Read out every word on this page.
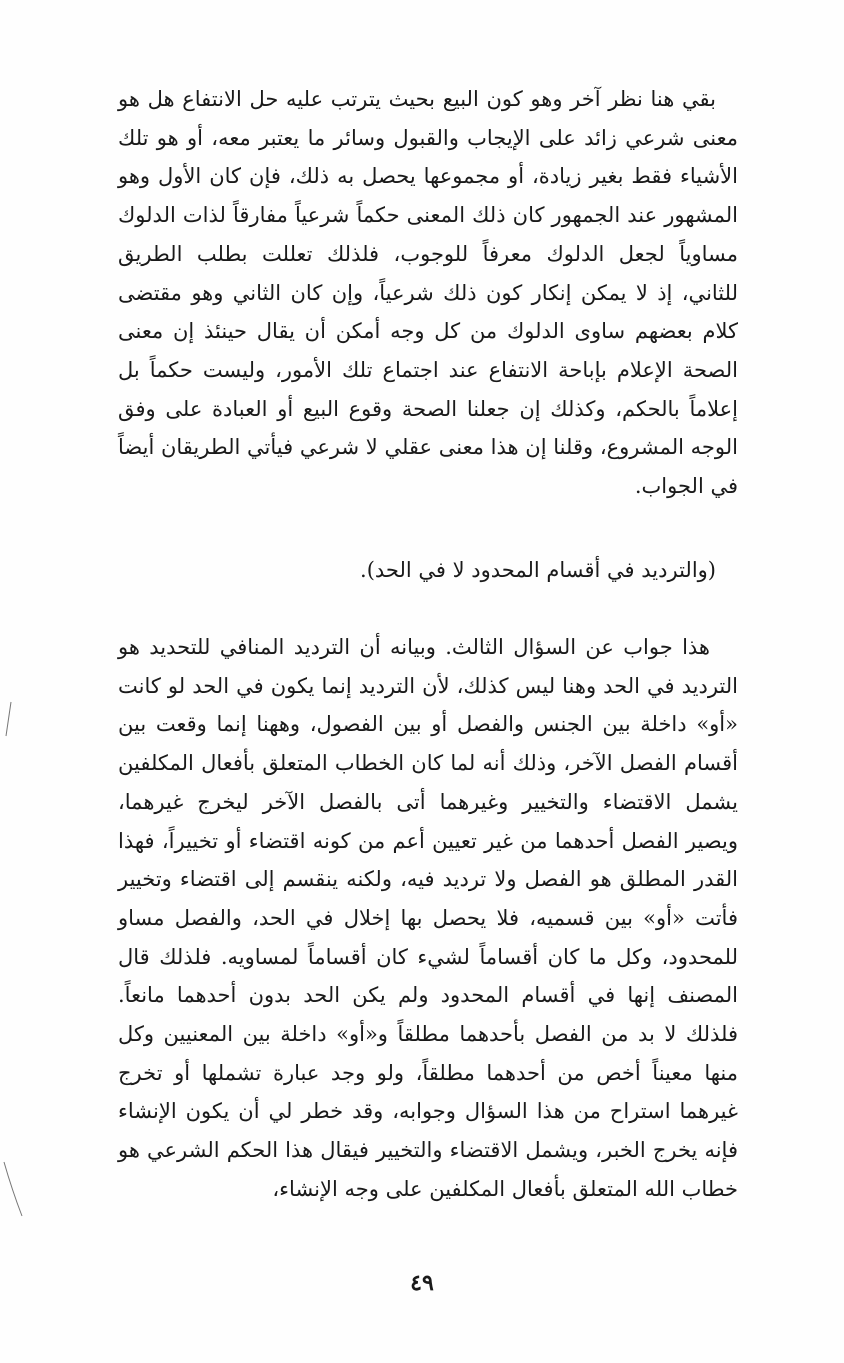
بقي هنا نظر آخر وهو كون البيع بحيث يترتب عليه حل الانتفاع هل هو معنى شرعي زائد على الإيجاب والقبول وسائر ما يعتبر معه، أو هو تلك الأشياء فقط بغير زيادة، أو مجموعها يحصل به ذلك، فإن كان الأول وهو المشهور عند الجمهور كان ذلك المعنى حكماً شرعياً مفارقاً لذات الدلوك مساوياً لجعل الدلوك معرفاً للوجوب، فلذلك تعللت بطلب الطريق للثاني، إذ لا يمكن إنكار كون ذلك شرعياً، وإن كان الثاني وهو مقتضى كلام بعضهم ساوى الدلوك من كل وجه أمكن أن يقال حينئذ إن معنى الصحة الإعلام بإباحة الانتفاع عند اجتماع تلك الأمور، وليست حكماً بل إعلاماً بالحكم، وكذلك إن جعلنا الصحة وقوع البيع أو العبادة على وفق الوجه المشروع، وقلنا إن هذا معنى عقلي لا شرعي فيأتي الطريقان أيضاً في الجواب.

(والترديد في أقسام المحدود لا في الحد).

هذا جواب عن السؤال الثالث. وبيانه أن الترديد المنافي للتحديد هو الترديد في الحد وهنا ليس كذلك، لأن الترديد إنما يكون في الحد لو كانت «أو» داخلة بين الجنس والفصل أو بين الفصول، وههنا إنما وقعت بين أقسام الفصل الآخر، وذلك أنه لما كان الخطاب المتعلق بأفعال المكلفين يشمل الاقتضاء والتخيير وغيرهما أتى بالفصل الآخر ليخرج غيرهما، ويصير الفصل أحدهما من غير تعيين أعم من كونه اقتضاء أو تخييراً، فهذا القدر المطلق هو الفصل ولا ترديد فيه، ولكنه ينقسم إلى اقتضاء وتخيير فأتت «أو» بين قسميه، فلا يحصل بها إخلال في الحد، والفصل مساو للمحدود، وكل ما كان أقساماً لشيء كان أقساماً لمساويه. فلذلك قال المصنف إنها في أقسام المحدود ولم يكن الحد بدون أحدهما مانعاً. فلذلك لا بد من الفصل بأحدهما مطلقاً و«أو» داخلة بين المعنيين وكل منها معيناً أخص من أحدهما مطلقاً، ولو وجد عبارة تشملها أو تخرج غيرهما استراح من هذا السؤال وجوابه، وقد خطر لي أن يكون الإنشاء فإنه يخرج الخبر، ويشمل الاقتضاء والتخيير فيقال هذا الحكم الشرعي هو خطاب الله المتعلق بأفعال المكلفين على وجه الإنشاء،

٤٩
